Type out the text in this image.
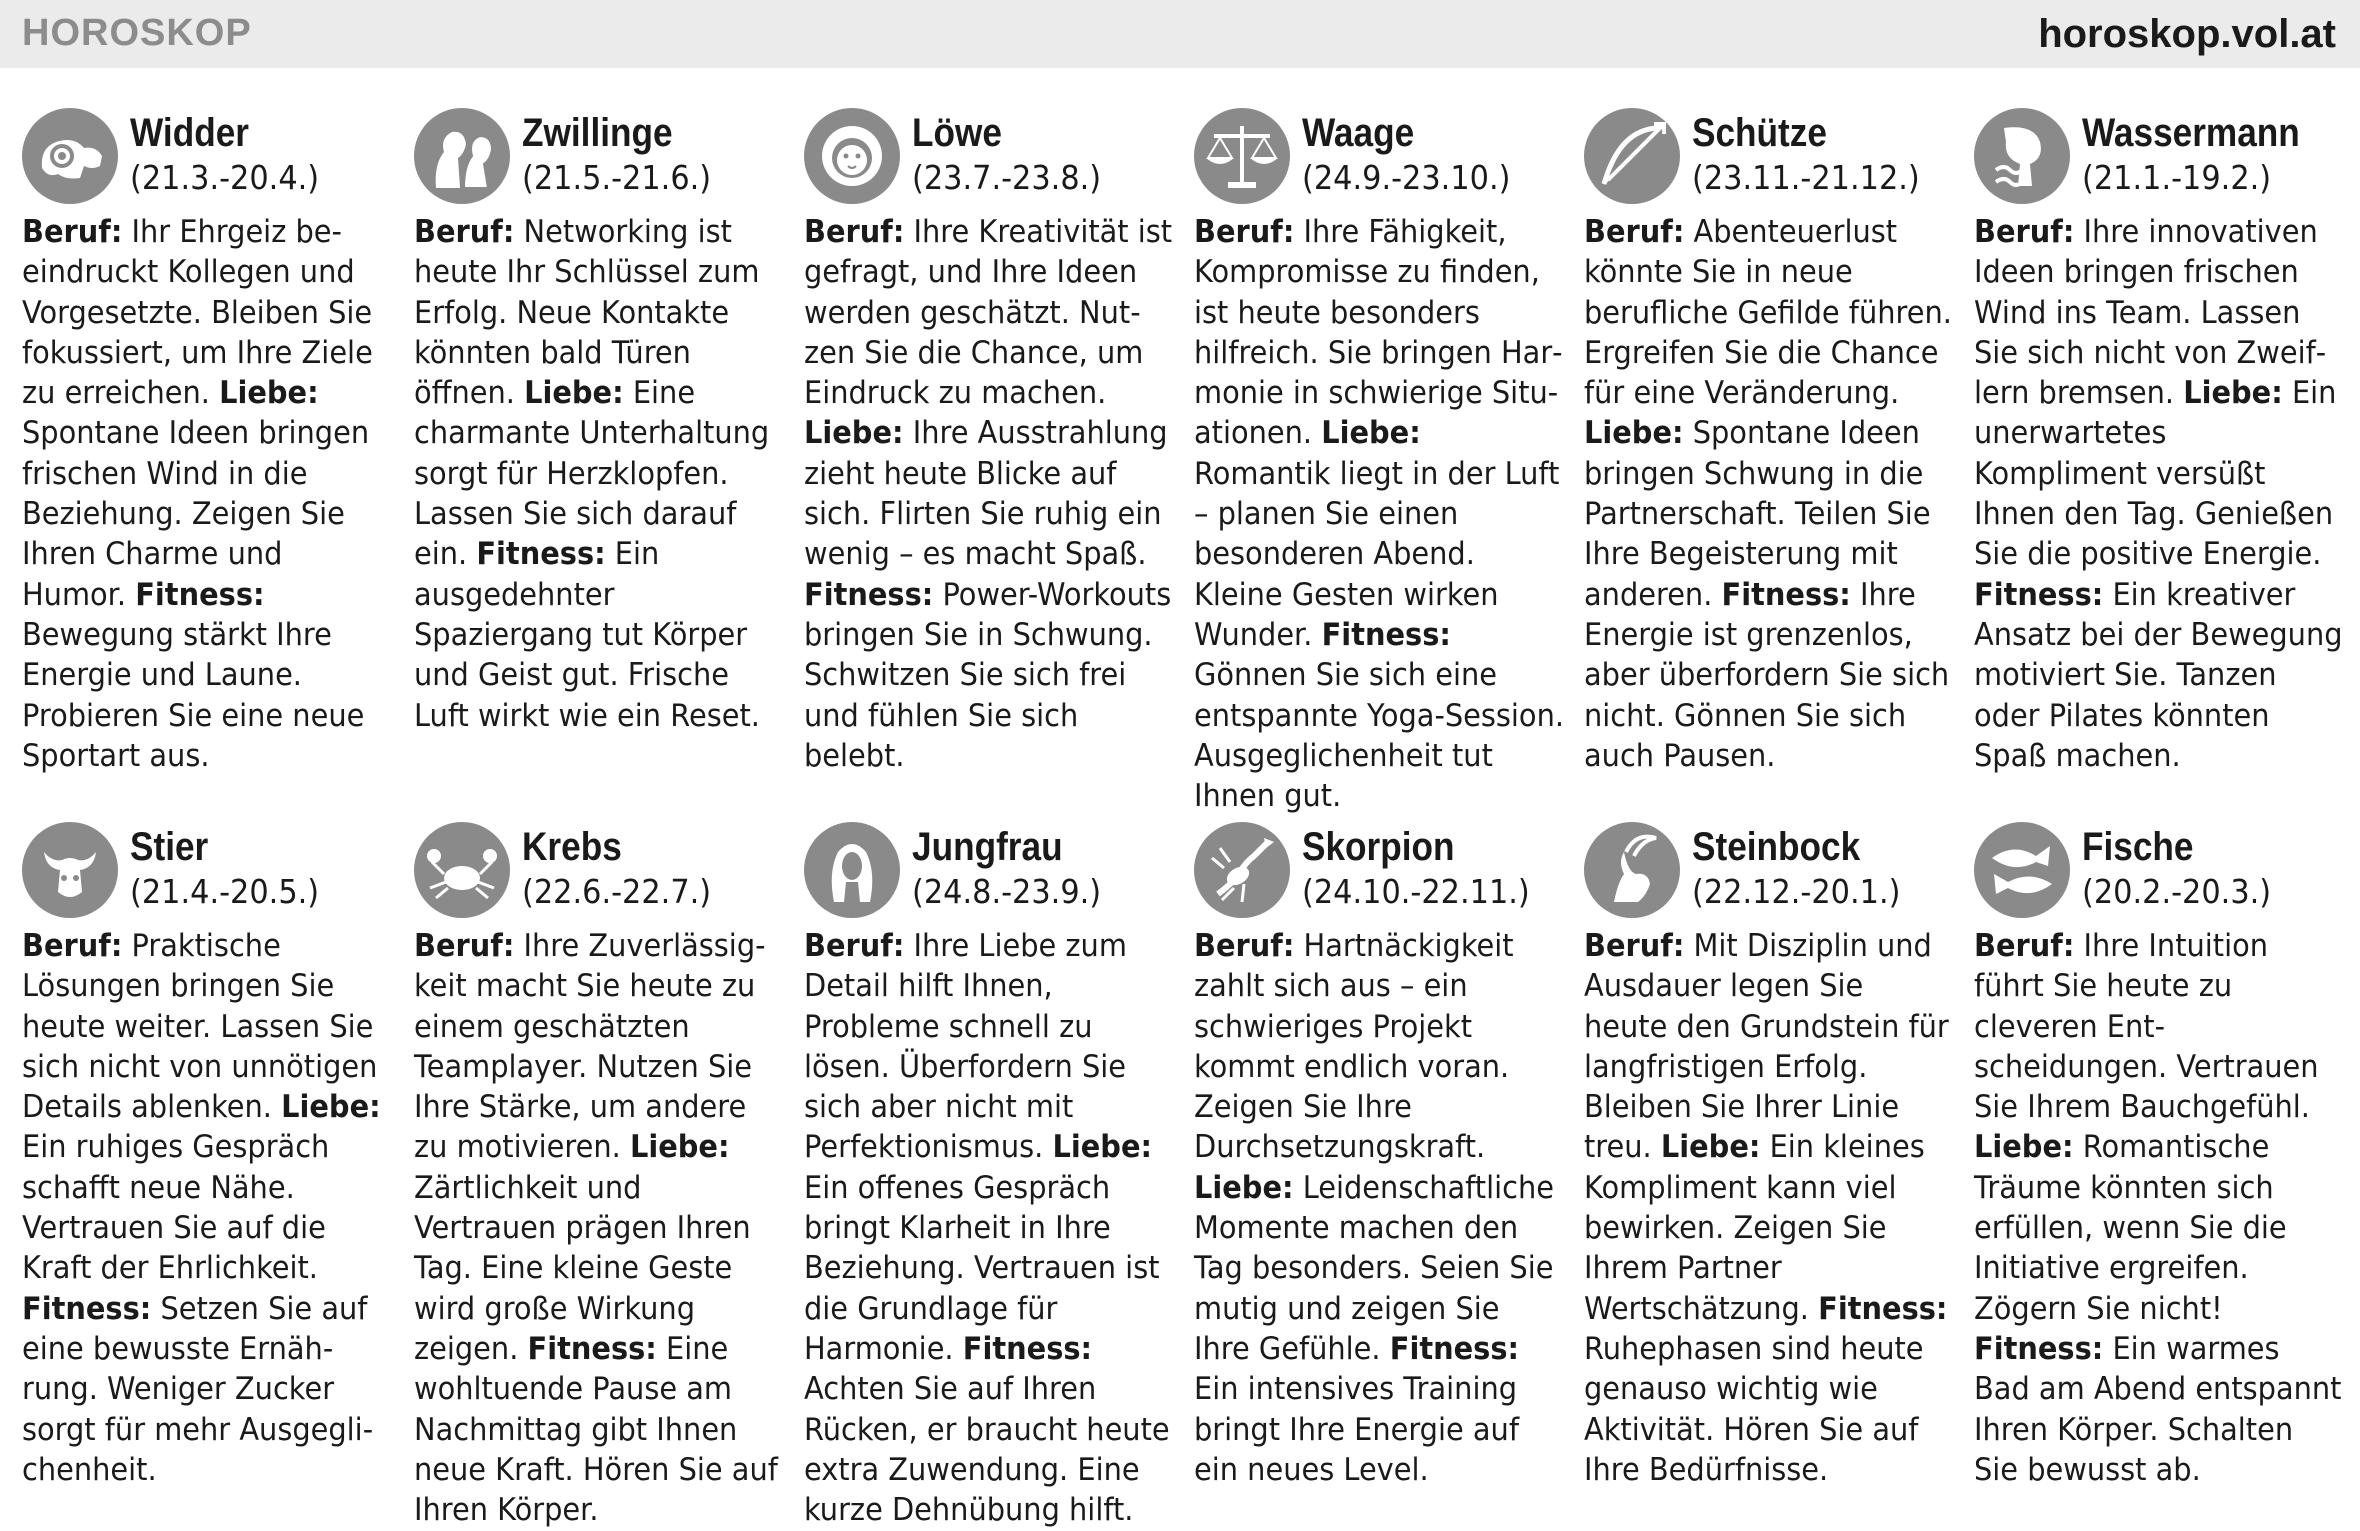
HOROSKOP	horoskop.vol.at
Widder
(21.3.-20.4.)
Beruf: Ihr Ehrgeiz beeindruckt Kollegen und Vorgesetzte. Bleiben Sie fokussiert, um Ihre Ziele zu erreichen. Liebe: Spontane Ideen bringen frischen Wind in die Beziehung. Zeigen Sie Ihren Charme und Humor. Fitness: Bewegung stärkt Ihre Energie und Laune. Probieren Sie eine neue Sportart aus.
Zwillinge
(21.5.-21.6.)
Beruf: Networking ist heute Ihr Schlüssel zum Erfolg. Neue Kontakte könnten bald Türen öffnen. Liebe: Eine charmante Unterhaltung sorgt für Herzklopfen. Lassen Sie sich darauf ein. Fitness: Ein ausgedehnter Spaziergang tut Körper und Geist gut. Frische Luft wirkt wie ein Reset.
Löwe
(23.7.-23.8.)
Beruf: Ihre Kreativität ist gefragt, und Ihre Ideen werden geschätzt. Nutzen Sie die Chance, um Eindruck zu machen. Liebe: Ihre Ausstrahlung zieht heute Blicke auf sich. Flirten Sie ruhig ein wenig – es macht Spaß. Fitness: Power-Workouts bringen Sie in Schwung. Schwitzen Sie sich frei und fühlen Sie sich belebt.
Waage
(24.9.-23.10.)
Beruf: Ihre Fähigkeit, Kompromisse zu finden, ist heute besonders hilfreich. Sie bringen Harmonie in schwierige Situationen. Liebe: Romantik liegt in der Luft – planen Sie einen besonderen Abend. Kleine Gesten wirken Wunder. Fitness: Gönnen Sie sich eine entspannte Yoga-Session. Ausgeglichenheit tut Ihnen gut.
Schütze
(23.11.-21.12.)
Beruf: Abenteuerlust könnte Sie in neue berufliche Gefilde führen. Ergreifen Sie die Chance für eine Veränderung. Liebe: Spontane Ideen bringen Schwung in die Partnerschaft. Teilen Sie Ihre Begeisterung mit anderen. Fitness: Ihre Energie ist grenzenlos, aber überfordern Sie sich nicht. Gönnen Sie sich auch Pausen.
Wassermann
(21.1.-19.2.)
Beruf: Ihre innovativen Ideen bringen frischen Wind ins Team. Lassen Sie sich nicht von Zweiflern bremsen. Liebe: Ein unerwartetes Kompliment versüßt Ihnen den Tag. Genießen Sie die positive Energie. Fitness: Ein kreativer Ansatz bei der Bewegung motiviert Sie. Tanzen oder Pilates könnten Spaß machen.
Stier
(21.4.-20.5.)
Beruf: Praktische Lösungen bringen Sie heute weiter. Lassen Sie sich nicht von unnötigen Details ablenken. Liebe: Ein ruhiges Gespräch schafft neue Nähe. Vertrauen Sie auf die Kraft der Ehrlichkeit. Fitness: Setzen Sie auf eine bewusste Ernährung. Weniger Zucker sorgt für mehr Ausgeglichenheit.
Krebs
(22.6.-22.7.)
Beruf: Ihre Zuverlässigkeit macht Sie heute zu einem geschätzten Teamplayer. Nutzen Sie Ihre Stärke, um andere zu motivieren. Liebe: Zärtlichkeit und Vertrauen prägen Ihren Tag. Eine kleine Geste wird große Wirkung zeigen. Fitness: Eine wohltuende Pause am Nachmittag gibt Ihnen neue Kraft. Hören Sie auf Ihren Körper.
Jungfrau
(24.8.-23.9.)
Beruf: Ihre Liebe zum Detail hilft Ihnen, Probleme schnell zu lösen. Überfordern Sie sich aber nicht mit Perfektionismus. Liebe: Ein offenes Gespräch bringt Klarheit in Ihre Beziehung. Vertrauen ist die Grundlage für Harmonie. Fitness: Achten Sie auf Ihren Rücken, er braucht heute extra Zuwendung. Eine kurze Dehnübung hilft.
Skorpion
(24.10.-22.11.)
Beruf: Hartnäckigkeit zahlt sich aus – ein schwieriges Projekt kommt endlich voran. Zeigen Sie Ihre Durchsetzungskraft. Liebe: Leidenschaftliche Momente machen den Tag besonders. Seien Sie mutig und zeigen Sie Ihre Gefühle. Fitness: Ein intensives Training bringt Ihre Energie auf ein neues Level.
Steinbock
(22.12.-20.1.)
Beruf: Mit Disziplin und Ausdauer legen Sie heute den Grundstein für langfristigen Erfolg. Bleiben Sie Ihrer Linie treu. Liebe: Ein kleines Kompliment kann viel bewirken. Zeigen Sie Ihrem Partner Wertschätzung. Fitness: Ruhephasen sind heute genauso wichtig wie Aktivität. Hören Sie auf Ihre Bedürfnisse.
Fische
(20.2.-20.3.)
Beruf: Ihre Intuition führt Sie heute zu cleveren Entscheidungen. Vertrauen Sie Ihrem Bauchgefühl. Liebe: Romantische Träume könnten sich erfüllen, wenn Sie die Initiative ergreifen. Zögern Sie nicht! Fitness: Ein warmes Bad am Abend entspannt Ihren Körper. Schalten Sie bewusst ab.
